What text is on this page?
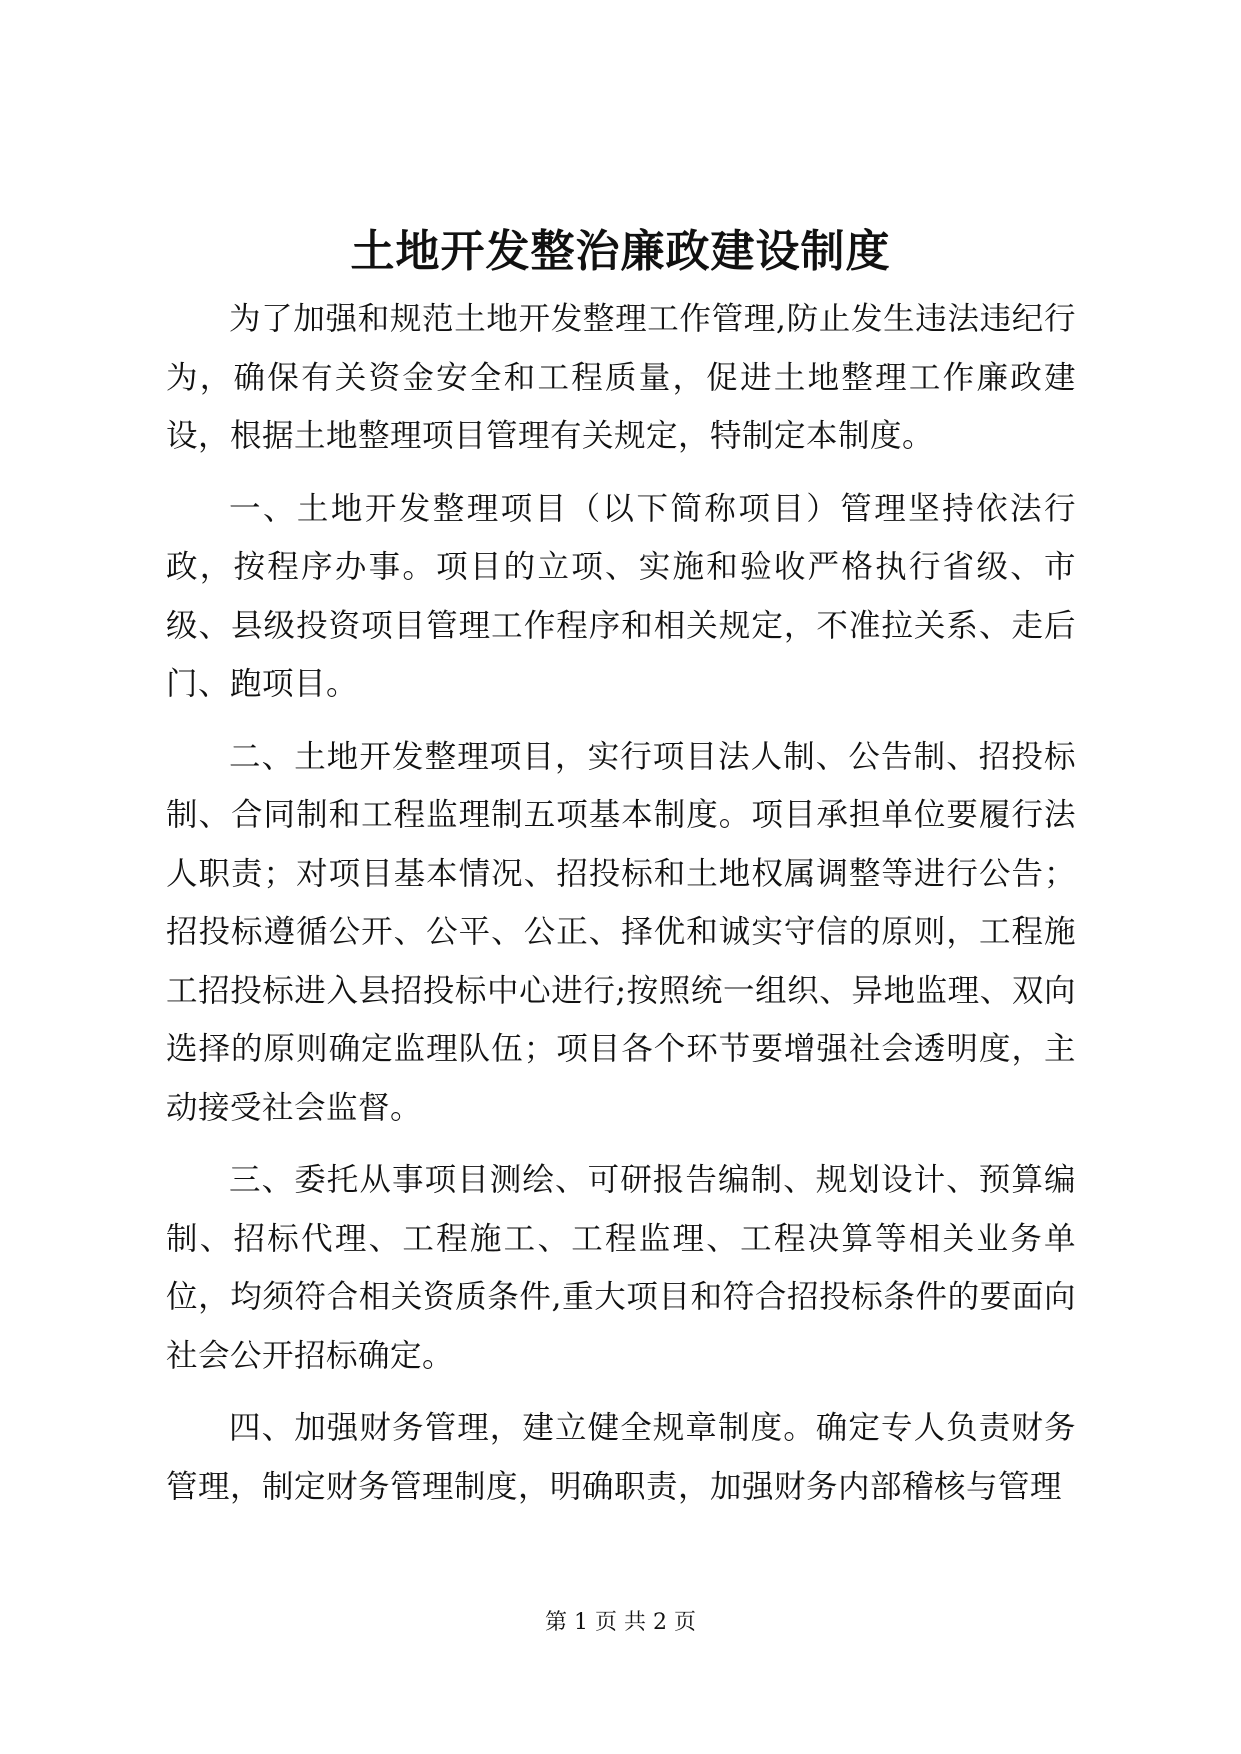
土地开发整治廉政建设制度

为了加强和规范土地开发整理工作管理,防止发生违法违纪行为，确保有关资金安全和工程质量，促进土地整理工作廉政建设，根据土地整理项目管理有关规定，特制定本制度。

一、土地开发整理项目（以下简称项目）管理坚持依法行政，按程序办事。项目的立项、实施和验收严格执行省级、市级、县级投资项目管理工作程序和相关规定，不准拉关系、走后门、跑项目。

二、土地开发整理项目，实行项目法人制、公告制、招投标制、合同制和工程监理制五项基本制度。项目承担单位要履行法人职责；对项目基本情况、招投标和土地权属调整等进行公告；招投标遵循公开、公平、公正、择优和诚实守信的原则，工程施工招投标进入县招投标中心进行;按照统一组织、异地监理、双向选择的原则确定监理队伍；项目各个环节要增强社会透明度，主动接受社会监督。

三、委托从事项目测绘、可研报告编制、规划设计、预算编制、招标代理、工程施工、工程监理、工程决算等相关业务单位，均须符合相关资质条件,重大项目和符合招投标条件的要面向社会公开招标确定。

四、加强财务管理，建立健全规章制度。确定专人负责财务管理，制定财务管理制度，明确职责，加强财务内部稽核与管理

第 1 页 共 2 页
